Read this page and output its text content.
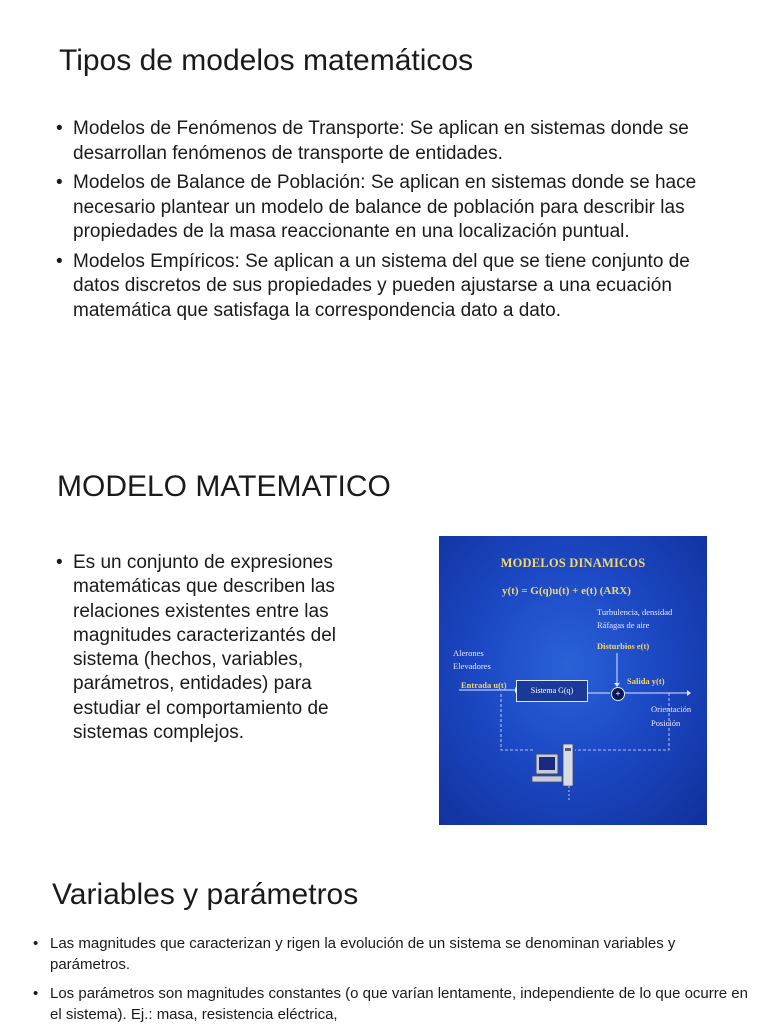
Tipos de modelos matemáticos
• Modelos de Fenómenos de Transporte: Se aplican en sistemas donde se desarrollan fenómenos de transporte de entidades.
• Modelos de Balance de Población: Se aplican en sistemas donde se hace necesario plantear un modelo de balance de población para describir las propiedades de la masa reaccionante en una localización puntual.
• Modelos Empíricos: Se aplican a un sistema del que se tiene conjunto de datos discretos de sus propiedades y pueden ajustarse a una ecuación matemática que satisfaga la correspondencia dato a dato.
MODELO MATEMATICO
• Es un conjunto de expresiones matemáticas que describen las relaciones existentes entre las magnitudes caracterizantés del sistema (hechos, variables, parámetros, entidades) para estudiar el comportamiento de sistemas complejos.
MODELOS DINAMICOS
y(t) = G(q)u(t) + e(t) (ARX)
Turbulencia, densidad
Ráfagas de aire
Disturbios e(t)
Alerones
Elevadores
Entrada u(t)
Sistema G(q)	+
Salida y(t)
Orientación
Posición
Variables y parámetros
• Las magnitudes que caracterizan y rigen la evolución de un sistema se denominan variables y parámetros.
• Los parámetros son magnitudes constantes (o que varían lentamente, independiente de lo que ocurre en el sistema). Ej.: masa, resistencia eléctrica,
